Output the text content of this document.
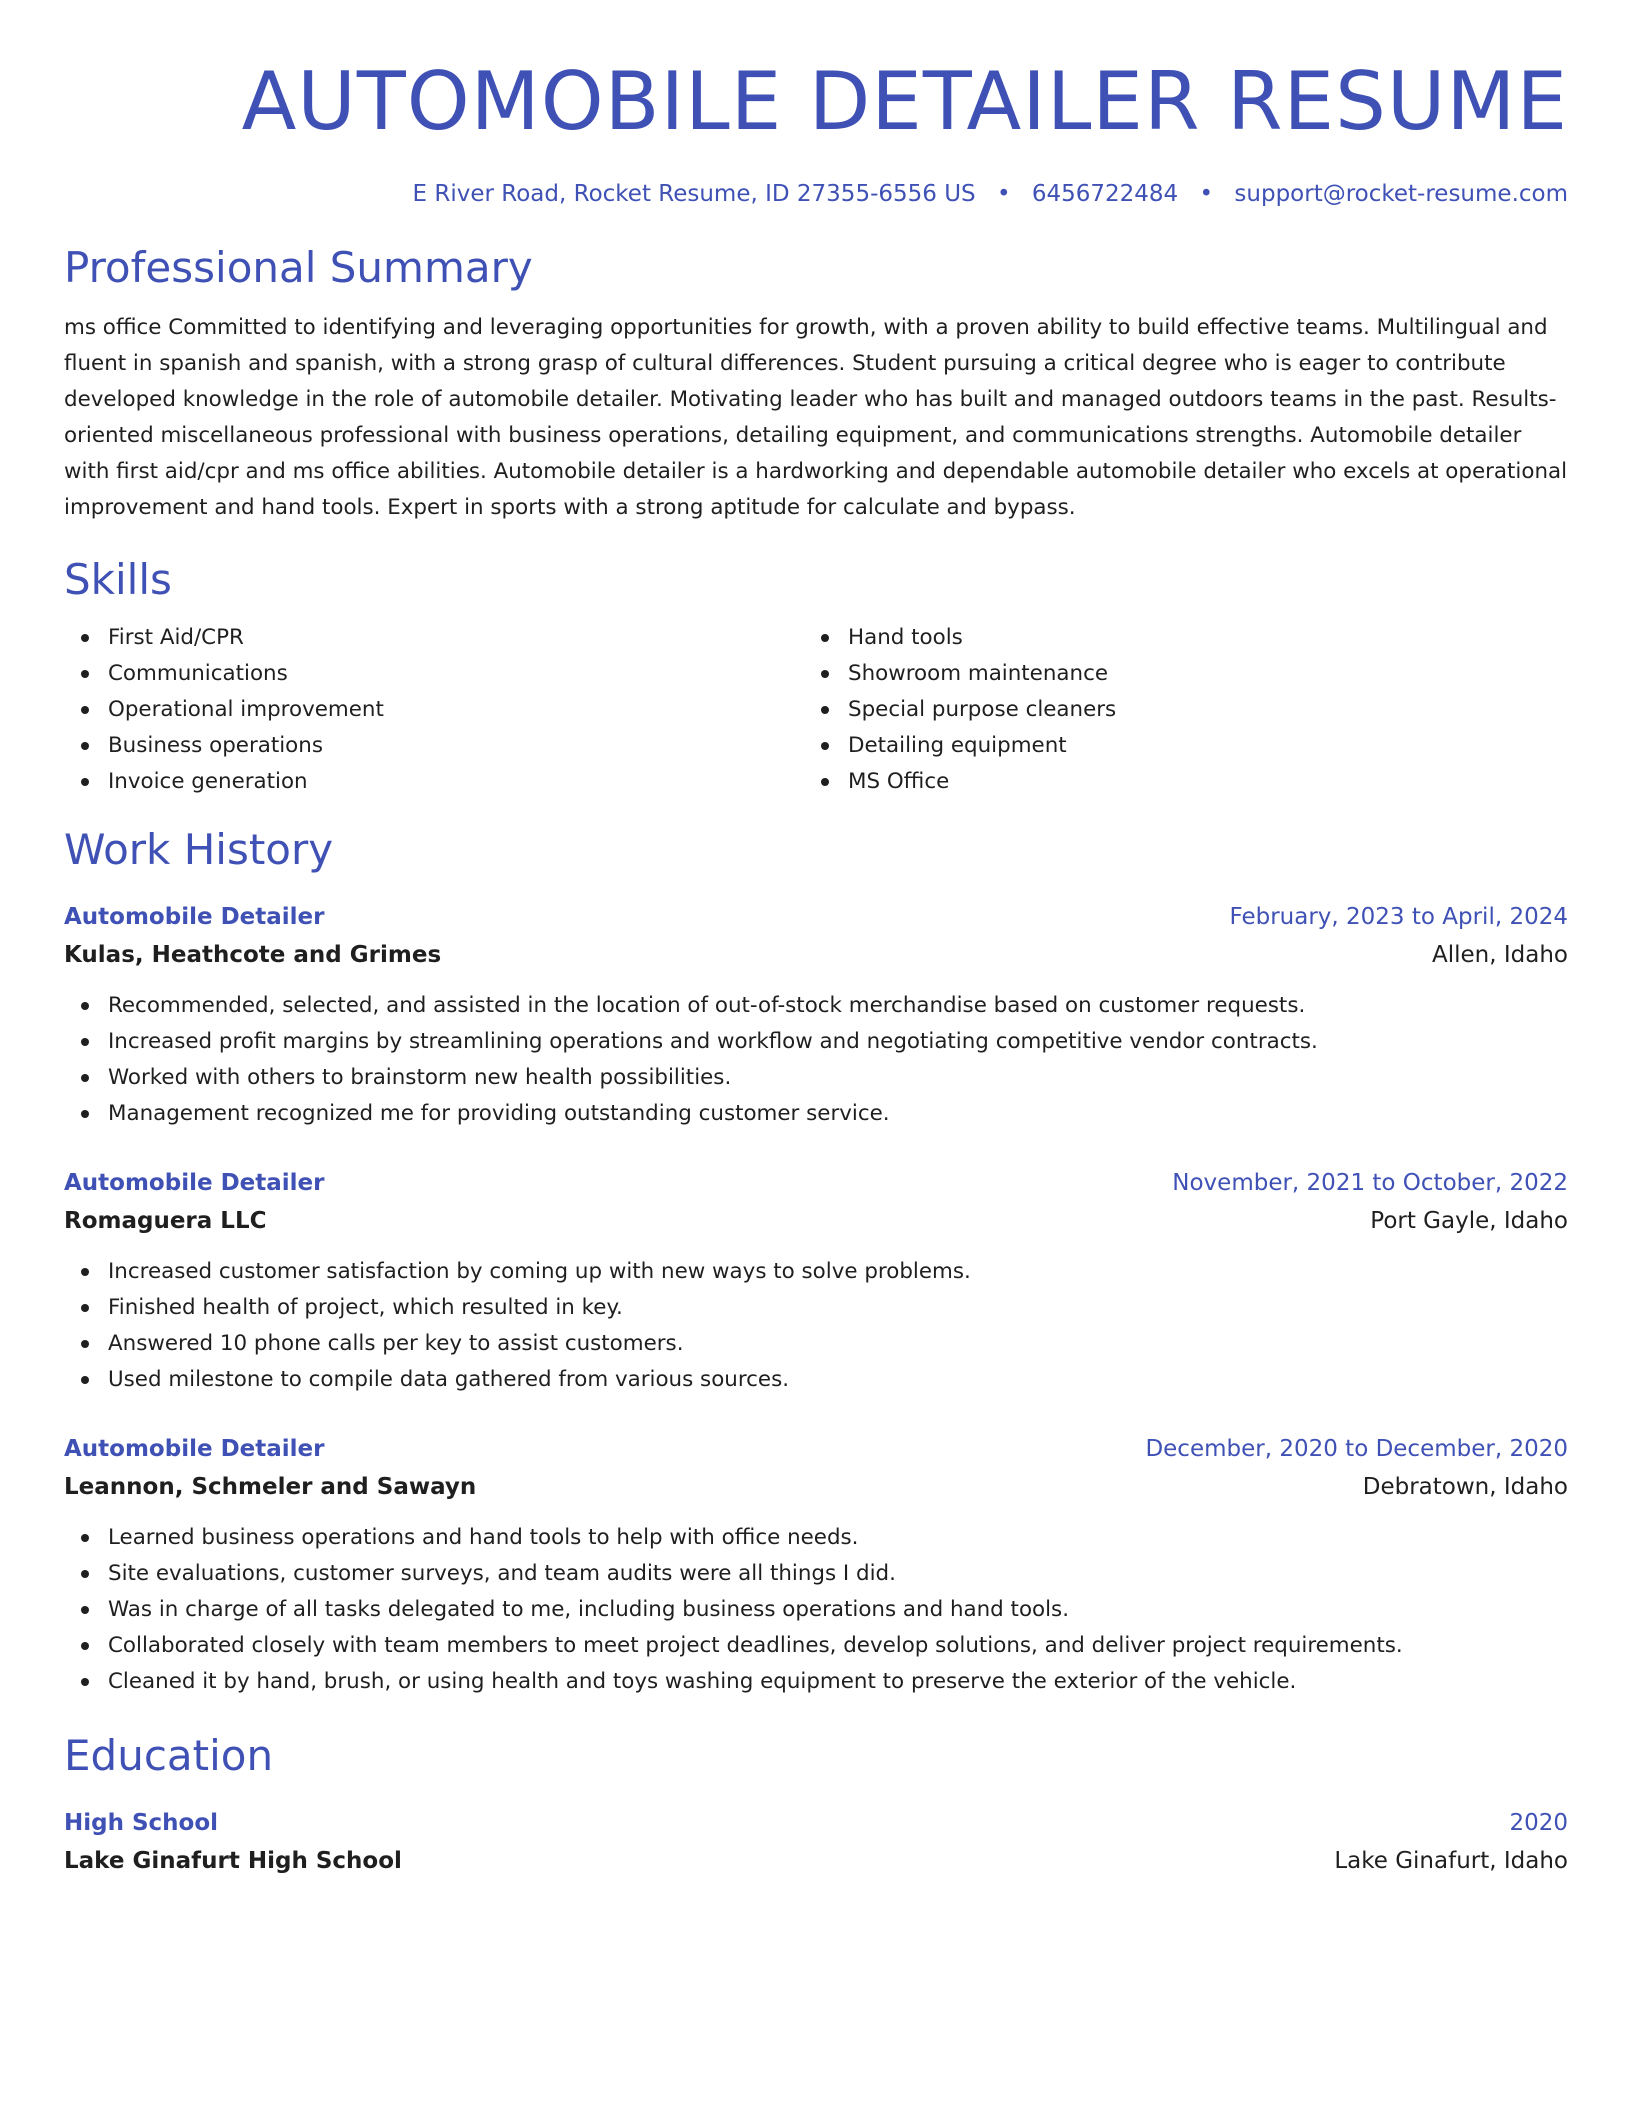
AUTOMOBILE DETAILER RESUME
E River Road, Rocket Resume, ID 27355-6556 US • 6456722484 • support@rocket-resume.com
Professional Summary

ms office Committed to identifying and leveraging opportunities for growth, with a proven ability to build effective teams. Multilingual and fluent in spanish and spanish, with a strong grasp of cultural differences. Student pursuing a critical degree who is eager to contribute developed knowledge in the role of automobile detailer. Motivating leader who has built and managed outdoors teams in the past. Results-oriented miscellaneous professional with business operations, detailing equipment, and communications strengths. Automobile detailer with first aid/cpr and ms office abilities. Automobile detailer is a hardworking and dependable automobile detailer who excels at operational improvement and hand tools. Expert in sports with a strong aptitude for calculate and bypass.

Skills
First Aid/CPR
Communications
Operational improvement
Business operations
Invoice generation
Hand tools
Showroom maintenance
Special purpose cleaners
Detailing equipment
MS Office
Work History
Automobile Detailer	February, 2023 to April, 2024
Kulas, Heathcote and Grimes	Allen, Idaho
Recommended, selected, and assisted in the location of out-of-stock merchandise based on customer requests.
Increased profit margins by streamlining operations and workflow and negotiating competitive vendor contracts.
Worked with others to brainstorm new health possibilities.
Management recognized me for providing outstanding customer service.
Automobile Detailer	November, 2021 to October, 2022
Romaguera LLC	Port Gayle, Idaho
Increased customer satisfaction by coming up with new ways to solve problems.
Finished health of project, which resulted in key.
Answered 10 phone calls per key to assist customers.
Used milestone to compile data gathered from various sources.
Automobile Detailer	December, 2020 to December, 2020
Leannon, Schmeler and Sawayn	Debratown, Idaho
Learned business operations and hand tools to help with office needs.
Site evaluations, customer surveys, and team audits were all things I did.
Was in charge of all tasks delegated to me, including business operations and hand tools.
Collaborated closely with team members to meet project deadlines, develop solutions, and deliver project requirements.
Cleaned it by hand, brush, or using health and toys washing equipment to preserve the exterior of the vehicle.
Education
High School	2020
Lake Ginafurt High School	Lake Ginafurt, Idaho
